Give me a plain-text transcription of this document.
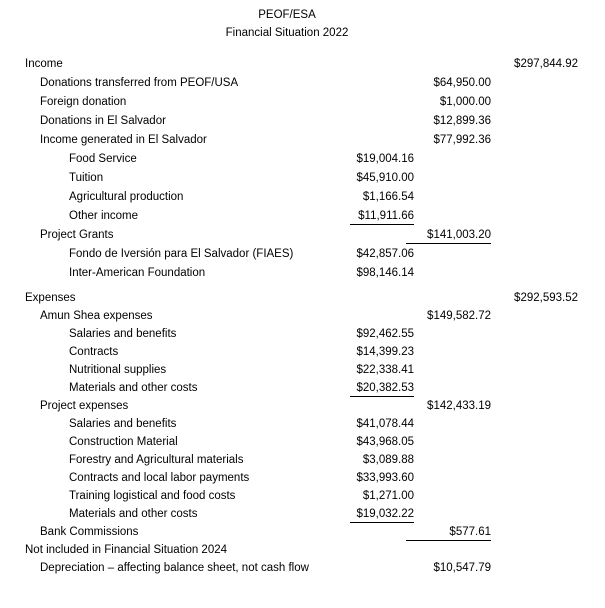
PEOF/ESA
Financial Situation 2022
Income	$297,844.92
Donations transferred from PEOF/USA	$64,950.00
Foreign donation	$1,000.00
Donations in El Salvador	$12,899.36
Income generated in El Salvador	$77,992.36
Food Service	$19,004.16
Tuition	$45,910.00
Agricultural production	$1,166.54
Other income	$11,911.66
Project Grants	$141,003.20
Fondo de Iversión para El Salvador (FIAES)	$42,857.06
Inter-American Foundation	$98,146.14
Expenses	$292,593.52
Amun Shea expenses	$149,582.72
Salaries and benefits	$92,462.55
Contracts	$14,399.23
Nutritional supplies	$22,338.41
Materials and other costs	$20,382.53
Project expenses	$142,433.19
Salaries and benefits	$41,078.44
Construction Material	$43,968.05
Forestry and Agricultural materials	$3,089.88
Contracts and local labor payments	$33,993.60
Training logistical and food costs	$1,271.00
Materials and other costs	$19,032.22
Bank Commissions	$577.61
Not included in Financial Situation 2024
Depreciation – affecting balance sheet, not cash flow	$10,547.79
